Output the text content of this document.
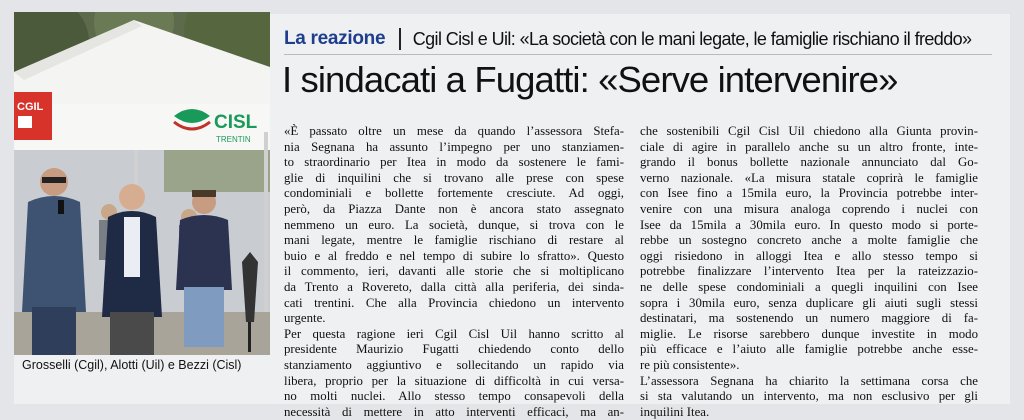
CGIL
CISL
TRENTIN
Grosselli (Cgil), Alotti (Uil) e Bezzi (Cisl)
La reazione Cgil Cisl e Uil: «La società con le mani legate, le famiglie rischiano il freddo»
I sindacati a Fugatti: «Serve intervenire»
«È passato oltre un mese da quando l’assessora Stefa-
nia Segnana ha assunto l’impegno per uno stanziamen-
to straordinario per Itea in modo da sostenere le fami-
glie di inquilini che si trovano alle prese con spese
condominiali e bollette fortemente cresciute. Ad oggi,
però, da Piazza Dante non è ancora stato assegnato
nemmeno un euro. La società, dunque, si trova con le
mani legate, mentre le famiglie rischiano di restare al
buio e al freddo e nel tempo di subire lo sfratto». Questo
il commento, ieri, davanti alle storie che si moltiplicano
da Trento a Rovereto, dalla città alla periferia, dei sinda-
cati trentini. Che alla Provincia chiedono un intervento
urgente.
Per questa ragione ieri Cgil Cisl Uil hanno scritto al
presidente Maurizio Fugatti chiedendo conto dello
stanziamento aggiuntivo e sollecitando un rapido via
libera, proprio per la situazione di difficoltà in cui versa-
no molti nuclei. Allo stesso tempo consapevoli della
necessità di mettere in atto interventi efficaci, ma an-
che sostenibili Cgil Cisl Uil chiedono alla Giunta provin-
ciale di agire in parallelo anche su un altro fronte, inte-
grando il bonus bollette nazionale annunciato dal Go-
verno nazionale. «La misura statale coprirà le famiglie
con Isee fino a 15mila euro, la Provincia potrebbe inter-
venire con una misura analoga coprendo i nuclei con
Isee da 15mila a 30mila euro. In questo modo si porte-
rebbe un sostegno concreto anche a molte famiglie che
oggi risiedono in alloggi Itea e allo stesso tempo si
potrebbe finalizzare l’intervento Itea per la rateizzazio-
ne delle spese condominiali a quegli inquilini con Isee
sopra i 30mila euro, senza duplicare gli aiuti sugli stessi
destinatari, ma sostenendo un numero maggiore di fa-
miglie. Le risorse sarebbero dunque investite in modo
più efficace e l’aiuto alle famiglie potrebbe anche esse-
re più consistente».
L’assessora Segnana ha chiarito la settimana corsa che
si sta valutando un intervento, ma non esclusivo per gli
inquilini Itea.
